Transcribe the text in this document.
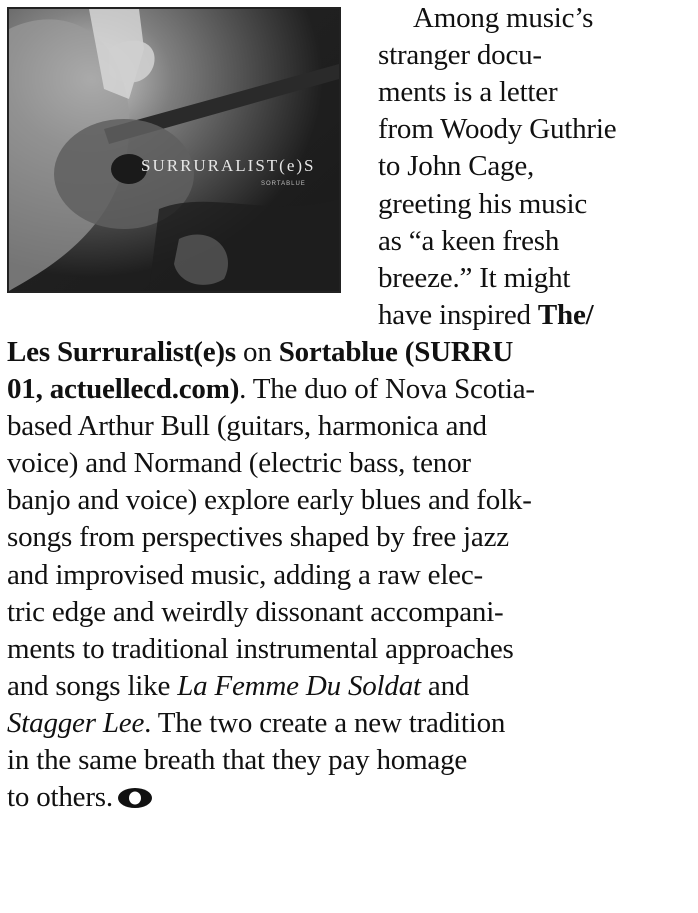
SURRURALIST(e)S
SORTABLUE
Among music’s
stranger docu-
ments is a letter
from Woody Guthrie
to John Cage,
greeting his music
as “a keen fresh
breeze.” It might
have inspired The/
Les Surruralist(e)s on Sortablue (SURRU
01, actuellecd.com). The duo of Nova Scotia-
based Arthur Bull (guitars, harmonica and
voice) and Normand (electric bass, tenor
banjo and voice) explore early blues and folk-
songs from perspectives shaped by free jazz
and improvised music, adding a raw elec-
tric edge and weirdly dissonant accompani-
ments to traditional instrumental approaches
and songs like La Femme Du Soldat and
Stagger Lee. The two create a new tradition
in the same breath that they pay homage
to others.
